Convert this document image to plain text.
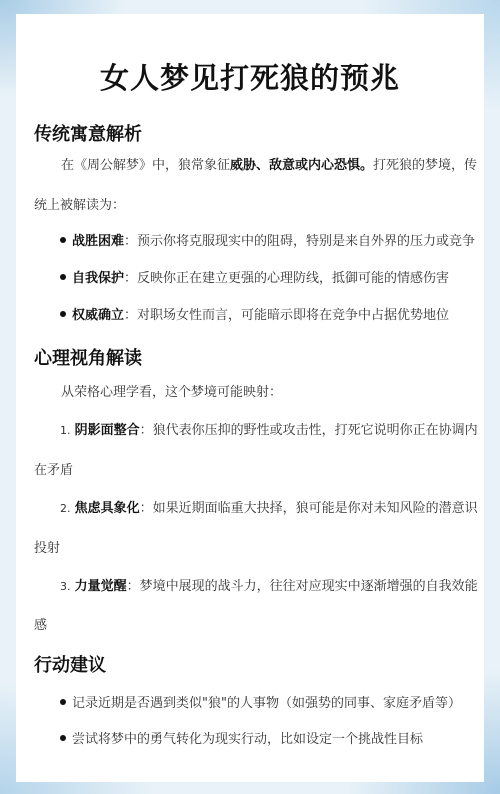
女人梦见打死狼的预兆
传统寓意解析
在《周公解梦》中，狼常象征威胁、敌意或内心恐惧。打死狼的梦境，传
统上被解读为：
战胜困难：预示你将克服现实中的阻碍，特别是来自外界的压力或竞争
自我保护：反映你正在建立更强的心理防线，抵御可能的情感伤害
权威确立：对职场女性而言，可能暗示即将在竞争中占据优势地位
心理视角解读
从荣格心理学看，这个梦境可能映射：
1. 阴影面整合：狼代表你压抑的野性或攻击性，打死它说明你正在协调内
在矛盾
2. 焦虑具象化：如果近期面临重大抉择，狼可能是你对未知风险的潜意识
投射
3. 力量觉醒：梦境中展现的战斗力，往往对应现实中逐渐增强的自我效能
感
行动建议
记录近期是否遇到类似"狼"的人事物（如强势的同事、家庭矛盾等）
尝试将梦中的勇气转化为现实行动，比如设定一个挑战性目标
